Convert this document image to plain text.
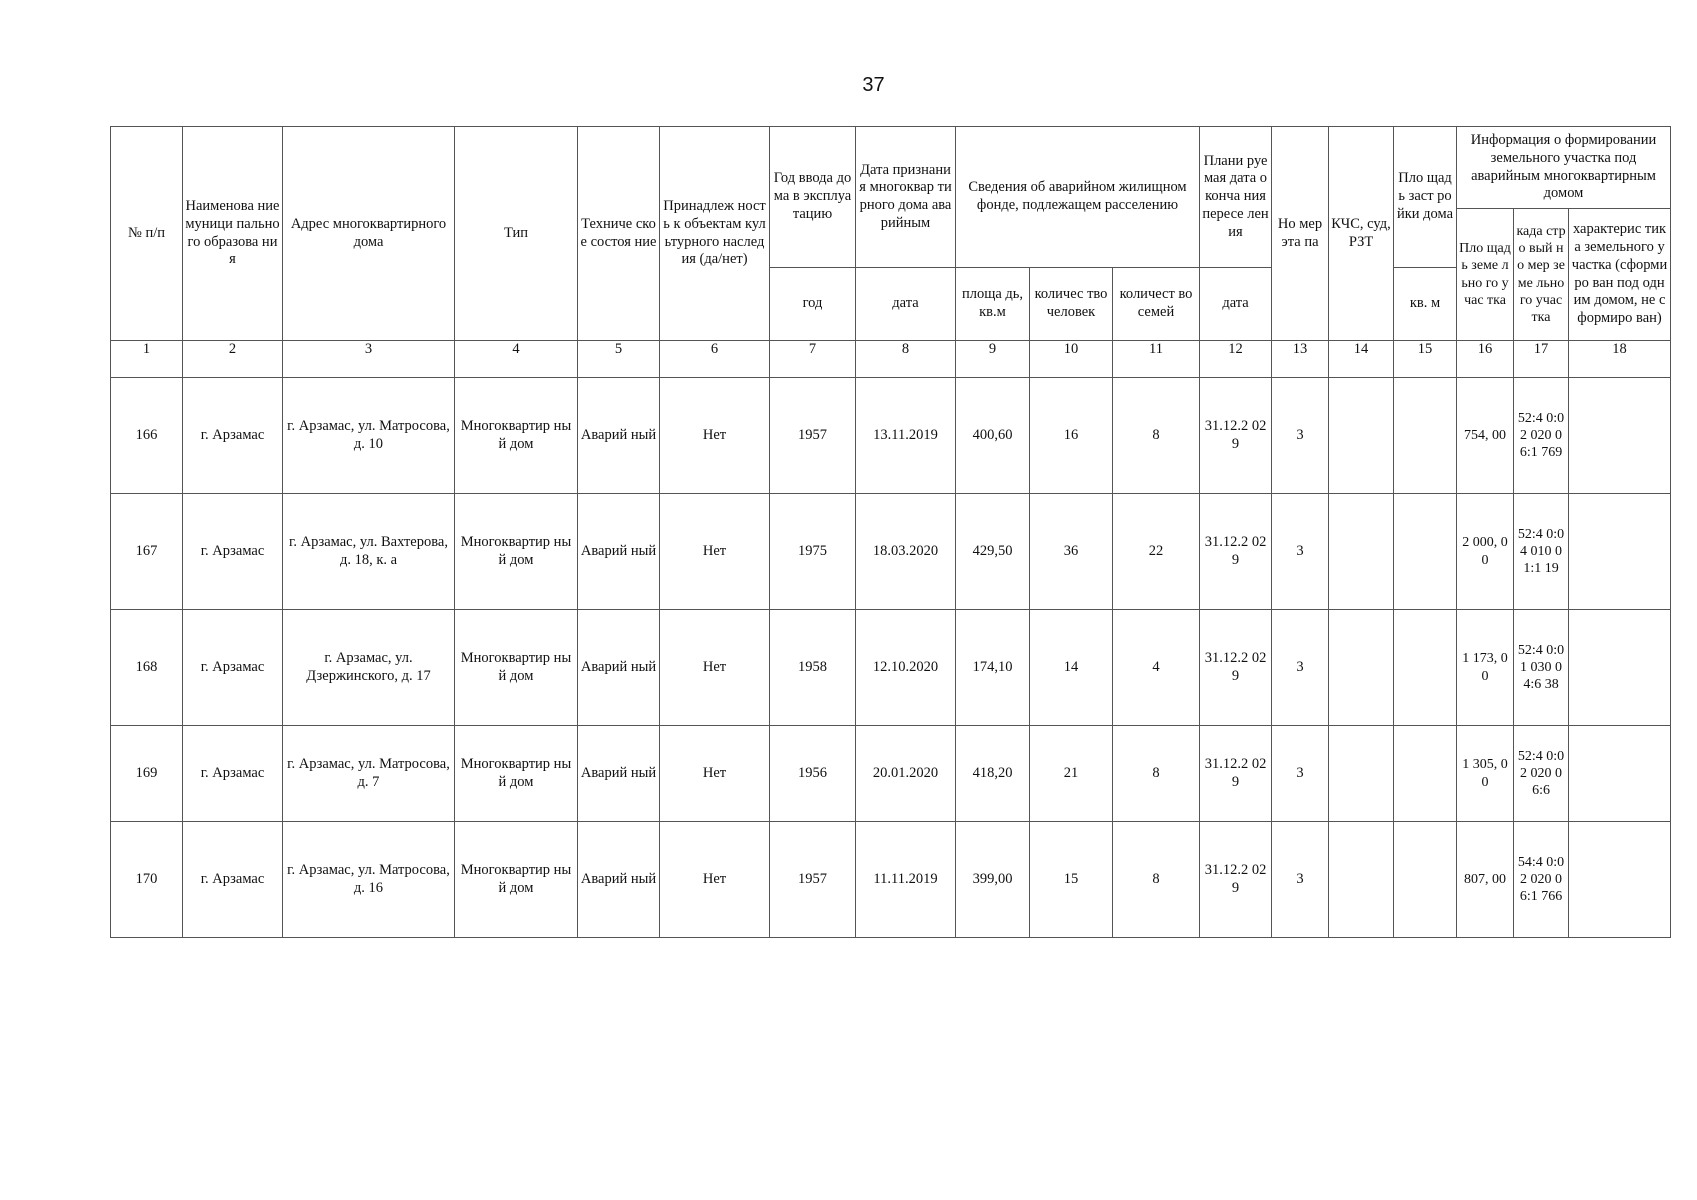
37
№ п/п	Наименова ние муници пального образова ния	Адрес многоквартирного дома	Тип	Техниче ское состоя ние	Принадлеж ность к объектам культурного наследия (да/нет)	Год ввода дома в эксплуа тацию	Дата признания многоквар тирного дома аварийным	Сведения об аварийном жилищном фонде, подлежащем расселению			Плани руемая дата оконча ния пересе ления	Но мер эта па	КЧС, суд, РЗТ	Пло щадь заст ройки дома	Информация о формировании земельного участка под аварийным многоквартирным домом		
															Пло щадь земе льно го учас тка	када стро вый но мер земе льно го учас тка	характерис тика земельного участка (сформиро ван под одним домом, не сформиро ван)
						год	дата	площа дь, кв.м	количес тво человек	количест во семей	дата			кв. м			
1	2	3	4	5	6	7	8	9	10	11	12	13	14	15	16	17	18
166	г. Арзамас	г. Арзамас, ул. Матросова, д. 10	Многоквартир ный дом	Аварий ный	Нет	1957	13.11.2019	400,60	16	8	31.12.2 029	3			754, 00	52:4 0:02 020 06:1 769	
167	г. Арзамас	г. Арзамас, ул. Вахтерова, д. 18, к. а	Многоквартир ный дом	Аварий ный	Нет	1975	18.03.2020	429,50	36	22	31.12.2 029	3			2 000, 00	52:4 0:04 010 01:1 19	
168	г. Арзамас	г. Арзамас, ул. Дзержинского, д. 17	Многоквартир ный дом	Аварий ный	Нет	1958	12.10.2020	174,10	14	4	31.12.2 029	3			1 173, 00	52:4 0:01 030 04:6 38	
169	г. Арзамас	г. Арзамас, ул. Матросова, д. 7	Многоквартир ный дом	Аварий ный	Нет	1956	20.01.2020	418,20	21	8	31.12.2 029	3			1 305, 00	52:4 0:02 020 06:6	
170	г. Арзамас	г. Арзамас, ул. Матросова, д. 16	Многоквартир ный дом	Аварий ный	Нет	1957	11.11.2019	399,00	15	8	31.12.2 029	3			807, 00	54:4 0:02 020 06:1 766	
